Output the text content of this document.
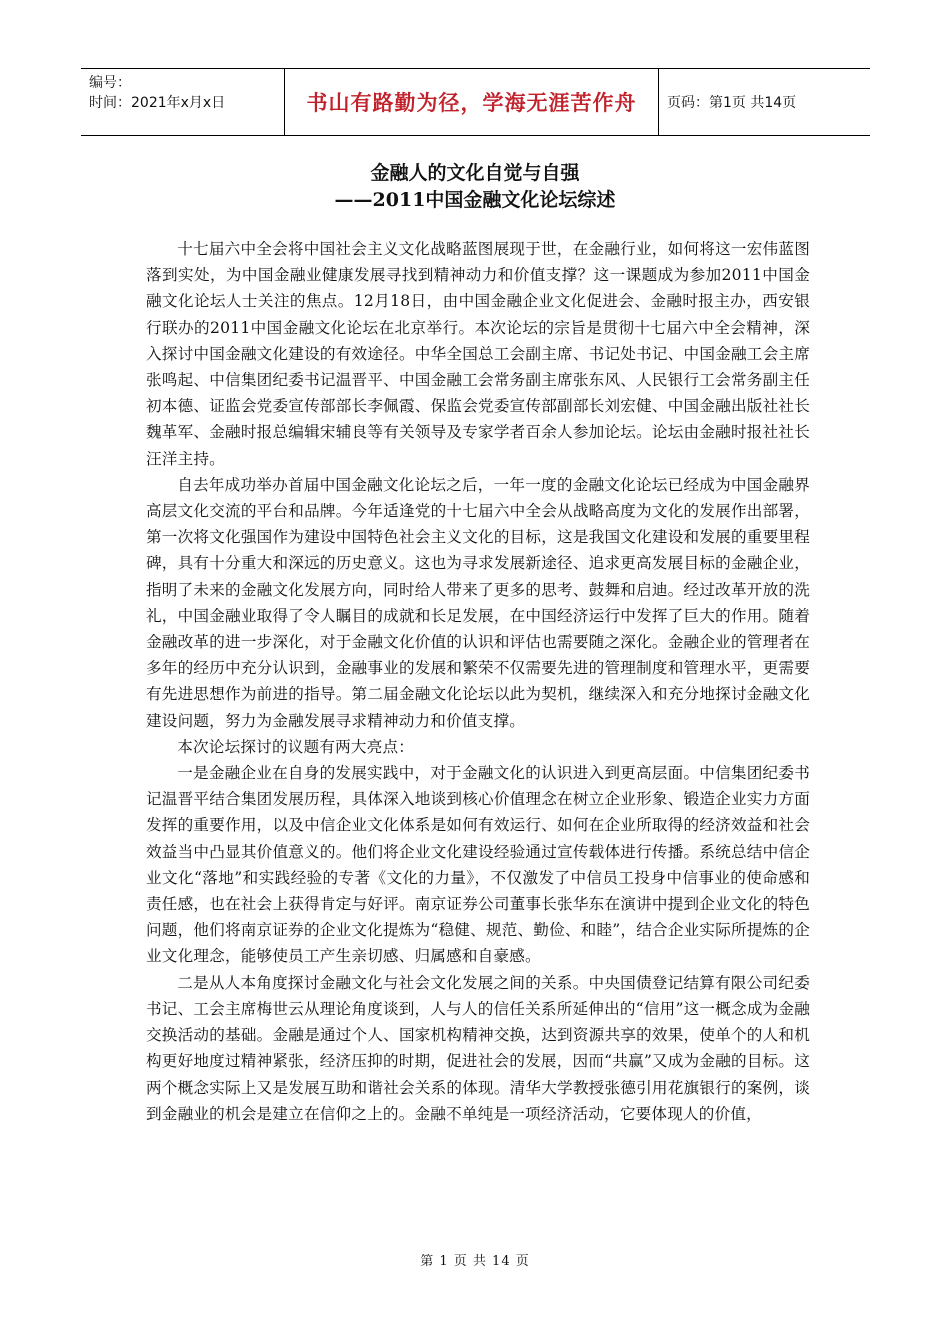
编号：
时间：2021年x月x日	书山有路勤为径，学海无涯苦作舟 页码：第1页 共14页
金融人的文化自觉与自强
——2011中国金融文化论坛综述

十七届六中全会将中国社会主义文化战略蓝图展现于世，在金融行业，如何将这一宏伟蓝图落到实处，为中国金融业健康发展寻找到精神动力和价值支撑？这一课题成为参加2011中国金融文化论坛人士关注的焦点。12月18日，由中国金融企业文化促进会、金融时报主办，西安银行联办的2011中国金融文化论坛在北京举行。本次论坛的宗旨是贯彻十七届六中全会精神，深入探讨中国金融文化建设的有效途径。中华全国总工会副主席、书记处书记、中国金融工会主席张鸣起、中信集团纪委书记温晋平、中国金融工会常务副主席张东风、人民银行工会常务副主任初本德、证监会党委宣传部部长李佩霞、保监会党委宣传部副部长刘宏健、中国金融出版社社长魏革军、金融时报总编辑宋辅良等有关领导及专家学者百余人参加论坛。论坛由金融时报社社长汪洋主持。

自去年成功举办首届中国金融文化论坛之后，一年一度的金融文化论坛已经成为中国金融界高层文化交流的平台和品牌。今年适逢党的十七届六中全会从战略高度为文化的发展作出部署，第一次将文化强国作为建设中国特色社会主义文化的目标，这是我国文化建设和发展的重要里程碑，具有十分重大和深远的历史意义。这也为寻求发展新途径、追求更高发展目标的金融企业，指明了未来的金融文化发展方向，同时给人带来了更多的思考、鼓舞和启迪。经过改革开放的洗礼，中国金融业取得了令人瞩目的成就和长足发展，在中国经济运行中发挥了巨大的作用。随着金融改革的进一步深化，对于金融文化价值的认识和评估也需要随之深化。金融企业的管理者在多年的经历中充分认识到，金融事业的发展和繁荣不仅需要先进的管理制度和管理水平，更需要有先进思想作为前进的指导。第二届金融文化论坛以此为契机，继续深入和充分地探讨金融文化建设问题，努力为金融发展寻求精神动力和价值支撑。

本次论坛探讨的议题有两大亮点：

一是金融企业在自身的发展实践中，对于金融文化的认识进入到更高层面。中信集团纪委书记温晋平结合集团发展历程，具体深入地谈到核心价值理念在树立企业形象、锻造企业实力方面发挥的重要作用，以及中信企业文化体系是如何有效运行、如何在企业所取得的经济效益和社会效益当中凸显其价值意义的。他们将企业文化建设经验通过宣传载体进行传播。系统总结中信企业文化“落地”和实践经验的专著《文化的力量》，不仅激发了中信员工投身中信事业的使命感和责任感，也在社会上获得肯定与好评。南京证券公司董事长张华东在演讲中提到企业文化的特色问题，他们将南京证券的企业文化提炼为“稳健、规范、勤俭、和睦”，结合企业实际所提炼的企业文化理念，能够使员工产生亲切感、归属感和自豪感。

二是从人本角度探讨金融文化与社会文化发展之间的关系。中央国债登记结算有限公司纪委书记、工会主席梅世云从理论角度谈到，人与人的信任关系所延伸出的“信用”这一概念成为金融交换活动的基础。金融是通过个人、国家机构精神交换，达到资源共享的效果，使单个的人和机构更好地度过精神紧张，经济压抑的时期，促进社会的发展，因而“共赢”又成为金融的目标。这两个概念实际上又是发展互助和谐社会关系的体现。清华大学教授张德引用花旗银行的案例，谈到金融业的机会是建立在信仰之上的。金融不单纯是一项经济活动，它要体现人的价值，

第 1 页 共 14 页
